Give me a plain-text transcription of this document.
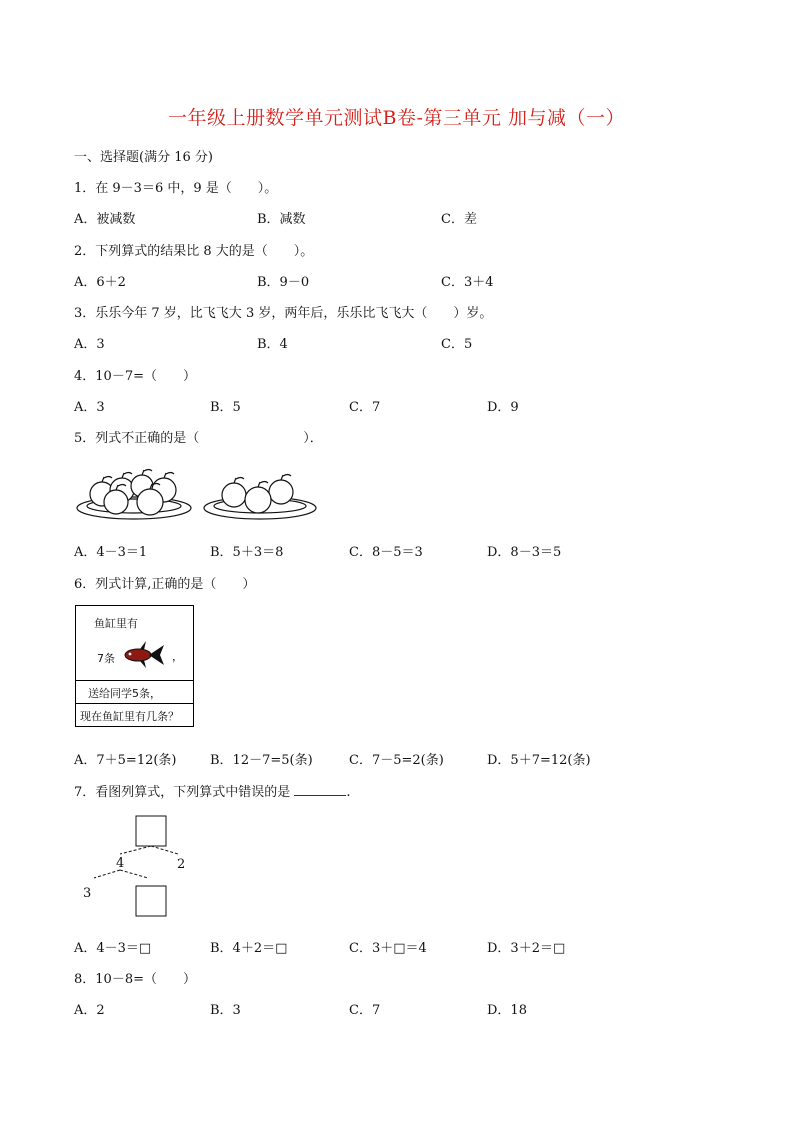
一年级上册数学单元测试B卷-第三单元 加与减（一）
一、选择题(满分 16 分)
1．在 9－3＝6 中，9 是（　　）。
A．被减数	B．减数	C．差
2．下列算式的结果比 8 大的是（　　）。
A．6＋2	B．9－0	C．3＋4
3．乐乐今年 7 岁，比飞飞大 3 岁，两年后，乐乐比飞飞大（　　）岁。
A．3	B．4	C．5
4．10－7=（　　）
A．3	B．5	C．7	D．9
5．列式不正确的是（　　　　　　　　）．
A．4－3＝1	B．5＋3＝8	C．8－5＝3	D．8－3＝5
6．列式计算,正确的是（　　）
鱼缸里有
7条	，
送给同学5条，
现在鱼缸里有几条？
A．7＋5=12(条)	B．12－7=5(条)	C．7－5=2(条)	D．5＋7=12(条)
7．看图列算式，下列算式中错误的是	.
4	2
3
A．4－3＝□	B．4＋2＝□	C．3＋□＝4	D．3＋2＝□
8．10－8=（　　）
A．2	B．3	C．7	D．18
